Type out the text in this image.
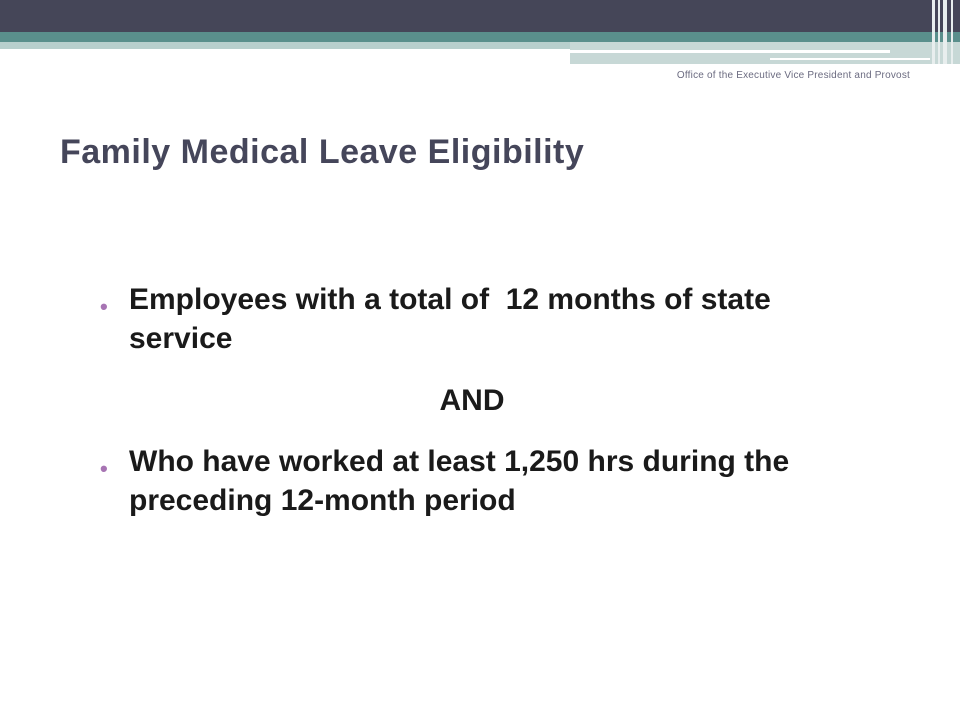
Office of the Executive Vice President and Provost
Family Medical Leave Eligibility
• Employees with a total of  12 months of state service
AND
• Who have worked at least 1,250 hrs during the preceding 12-month period
